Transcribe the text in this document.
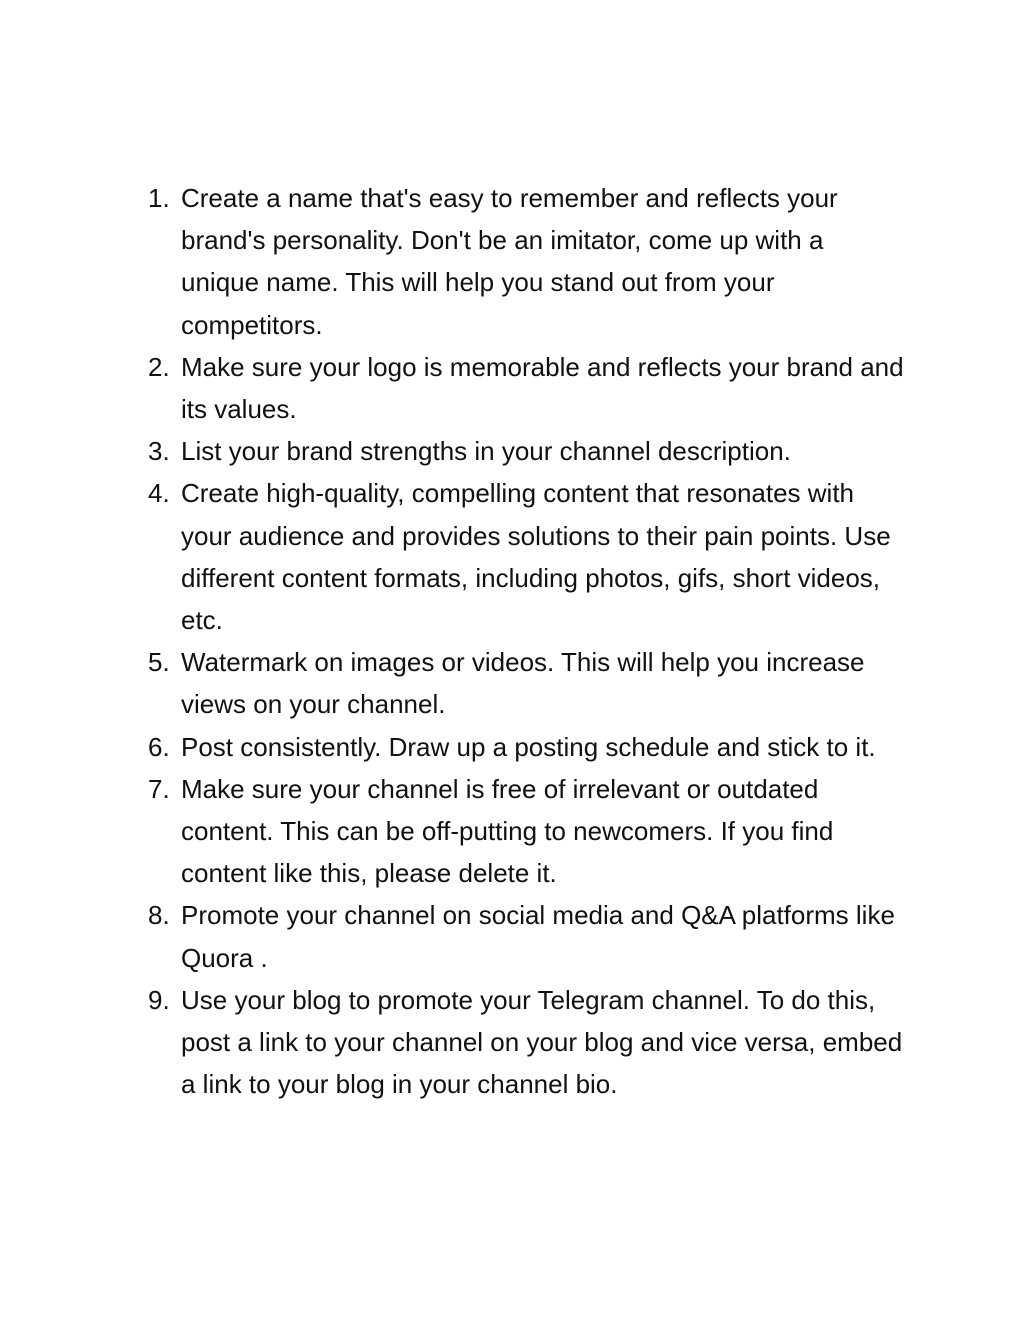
1. Create a name that's easy to remember and reflects your brand's personality. Don't be an imitator, come up with a unique name. This will help you stand out from your competitors.
2. Make sure your logo is memorable and reflects your brand and its values.
3. List your brand strengths in your channel description.
4. Create high-quality, compelling content that resonates with your audience and provides solutions to their pain points. Use different content formats, including photos, gifs, short videos, etc.
5. Watermark on images or videos. This will help you increase views on your channel.
6. Post consistently. Draw up a posting schedule and stick to it.
7. Make sure your channel is free of irrelevant or outdated content. This can be off-putting to newcomers. If you find content like this, please delete it.
8. Promote your channel on social media and Q&A platforms like Quora .
9. Use your blog to promote your Telegram channel. To do this, post a link to your channel on your blog and vice versa, embed a link to your blog in your channel bio.
